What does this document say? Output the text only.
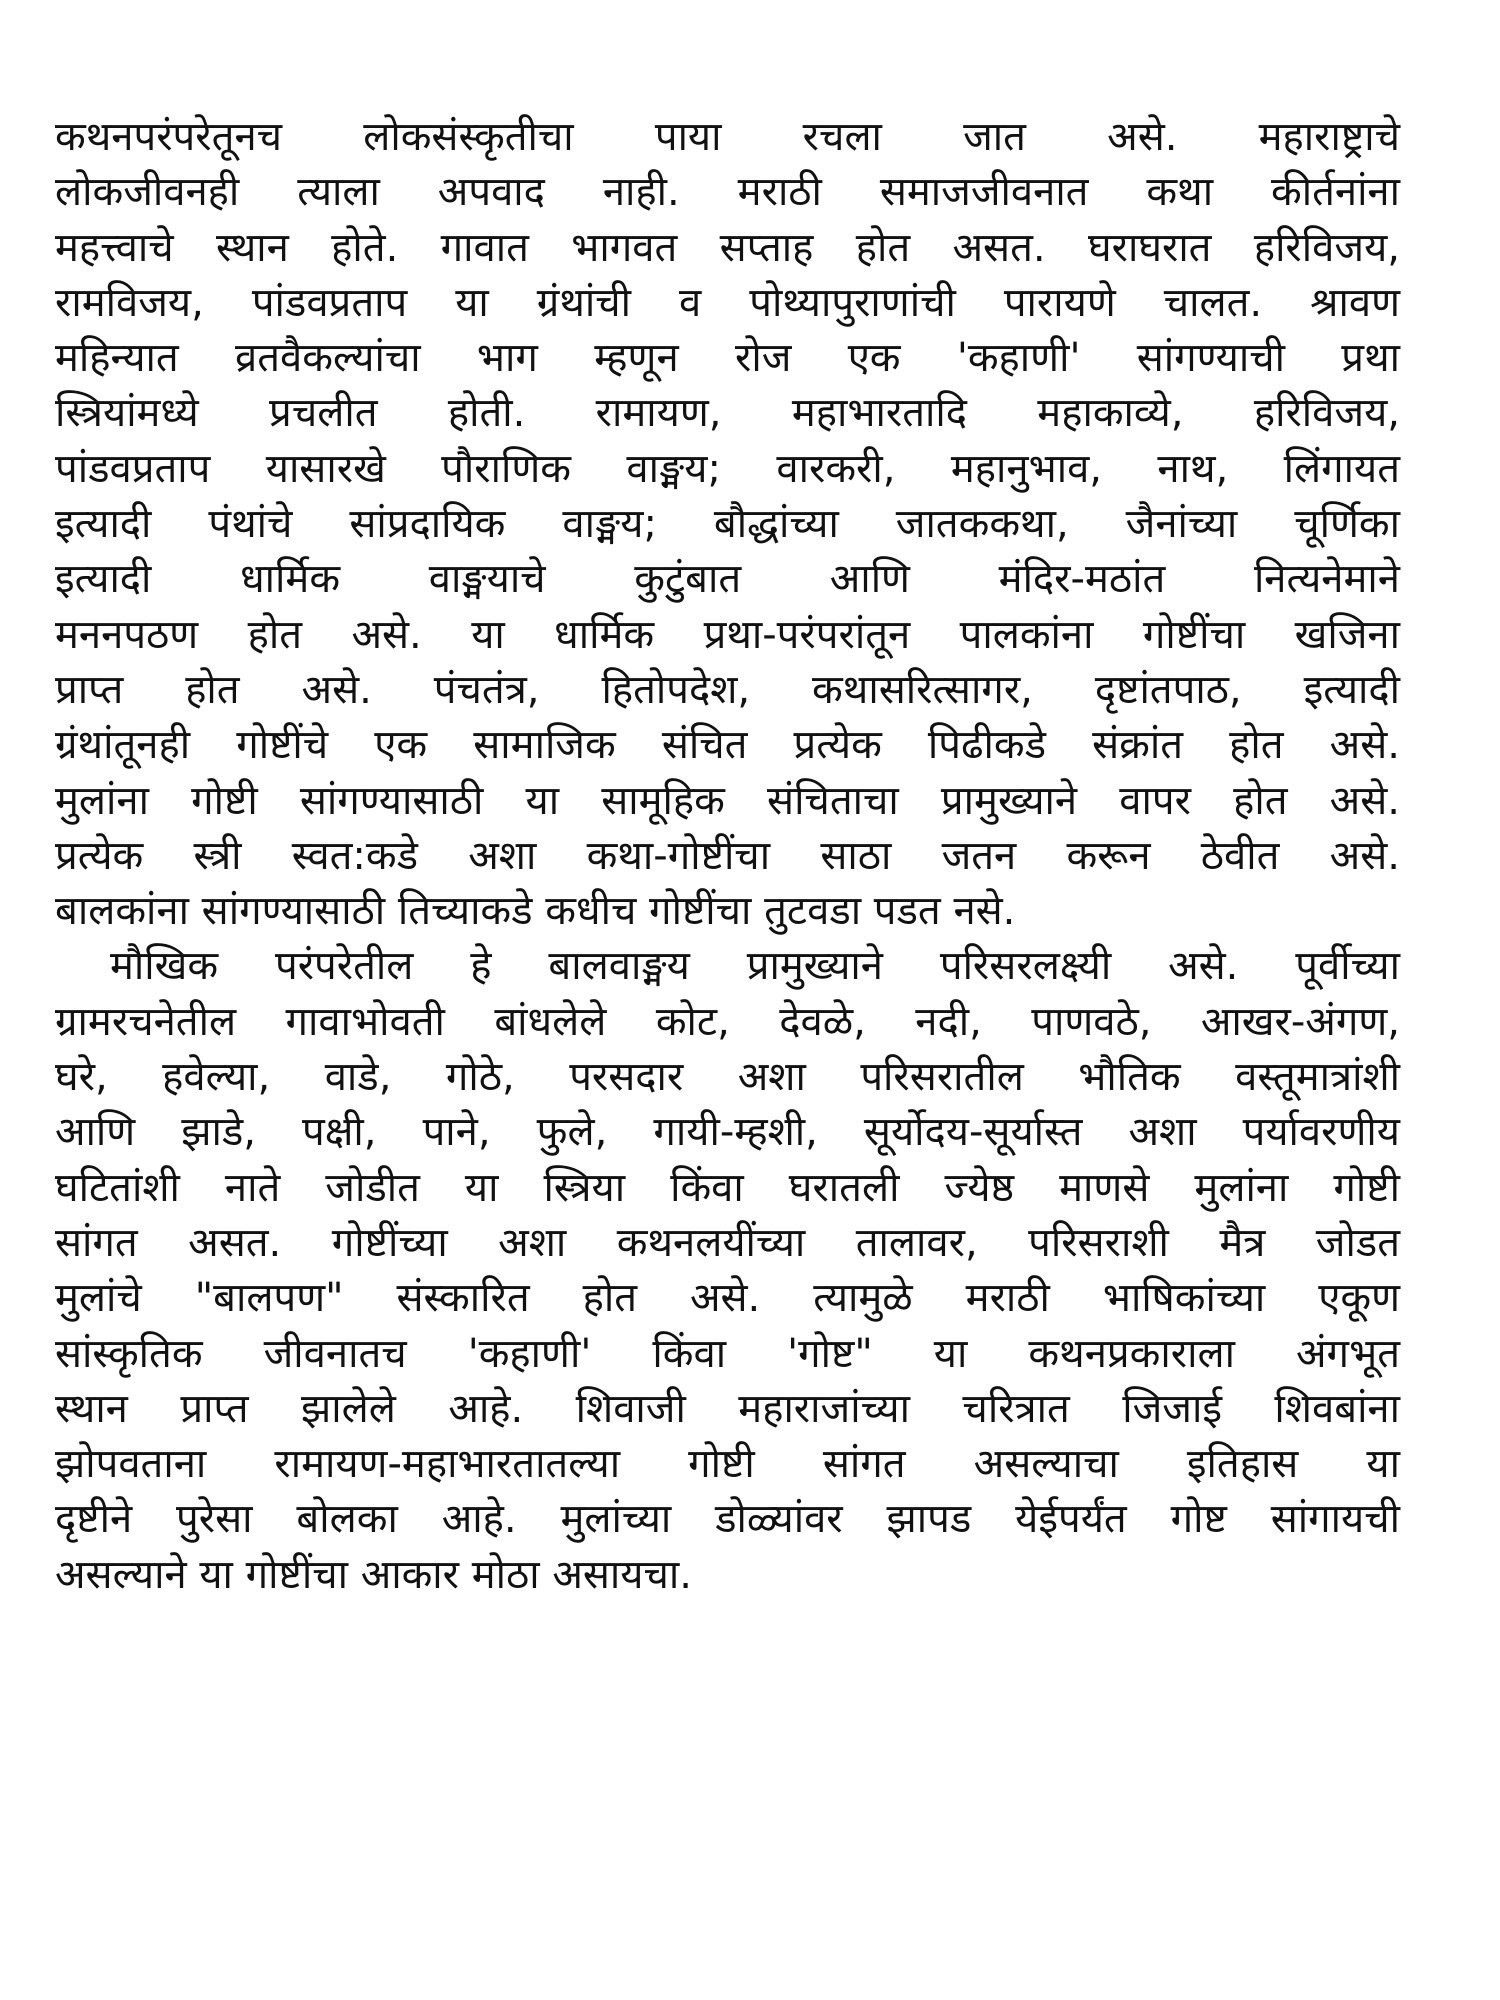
कथनपरंपरेतूनच लोकसंस्कृतीचा पाया रचला जात असे. महाराष्ट्राचे
लोकजीवनही त्याला अपवाद नाही. मराठी समाजजीवनात कथा कीर्तनांना
महत्त्वाचे स्थान होते. गावात भागवत सप्ताह होत असत. घराघरात हरिविजय,
रामविजय, पांडवप्रताप या ग्रंथांची व पोथ्यापुराणांची पारायणे चालत. श्रावण
महिन्यात व्रतवैकल्यांचा भाग म्हणून रोज एक 'कहाणी' सांगण्याची प्रथा
स्त्रियांमध्ये प्रचलीत होती. रामायण, महाभारतादि महाकाव्ये, हरिविजय,
पांडवप्रताप यासारखे पौराणिक वाङ्मय; वारकरी, महानुभाव, नाथ, लिंगायत
इत्यादी पंथांचे सांप्रदायिक वाङ्मय; बौद्धांच्या जातककथा, जैनांच्या चूर्णिका
इत्यादी धार्मिक वाङ्मयाचे कुटुंबात आणि मंदिर-मठांत नित्यनेमाने
मननपठण होत असे. या धार्मिक प्रथा-परंपरांतून पालकांना गोष्टींचा खजिना
प्राप्त होत असे. पंचतंत्र, हितोपदेश, कथासरित्सागर, दृष्टांतपाठ, इत्यादी
ग्रंथांतूनही गोष्टींचे एक सामाजिक संचित प्रत्येक पिढीकडे संक्रांत होत असे.
मुलांना गोष्टी सांगण्यासाठी या सामूहिक संचिताचा प्रामुख्याने वापर होत असे.
प्रत्येक स्त्री स्वत:कडे अशा कथा-गोष्टींचा साठा जतन करून ठेवीत असे.
बालकांना सांगण्यासाठी तिच्याकडे कधीच गोष्टींचा तुटवडा पडत नसे.

मौखिक परंपरेतील हे बालवाङ्मय प्रामुख्याने परिसरलक्ष्यी असे. पूर्वीच्या
ग्रामरचनेतील गावाभोवती बांधलेले कोट, देवळे, नदी, पाणवठे, आखर-अंगण,
घरे, हवेल्या, वाडे, गोठे, परसदार अशा परिसरातील भौतिक वस्तूमात्रांशी
आणि झाडे, पक्षी, पाने, फुले, गायी-म्हशी, सूर्योदय-सूर्यास्त अशा पर्यावरणीय
घटितांशी नाते जोडीत या स्त्रिया किंवा घरातली ज्येष्ठ माणसे मुलांना गोष्टी
सांगत असत. गोष्टींच्या अशा कथनलयींच्या तालावर, परिसराशी मैत्र जोडत
मुलांचे "बालपण" संस्कारित होत असे. त्यामुळे मराठी भाषिकांच्या एकूण
सांस्कृतिक जीवनातच 'कहाणी' किंवा 'गोष्ट" या कथनप्रकाराला अंगभूत
स्थान प्राप्त झालेले आहे. शिवाजी महाराजांच्या चरित्रात जिजाई शिवबांना
झोपवताना रामायण-महाभारतातल्या गोष्टी सांगत असल्याचा इतिहास या
दृष्टीने पुरेसा बोलका आहे. मुलांच्या डोळ्यांवर झापड येईपर्यंत गोष्ट सांगायची
असल्याने या गोष्टींचा आकार मोठा असायचा.
